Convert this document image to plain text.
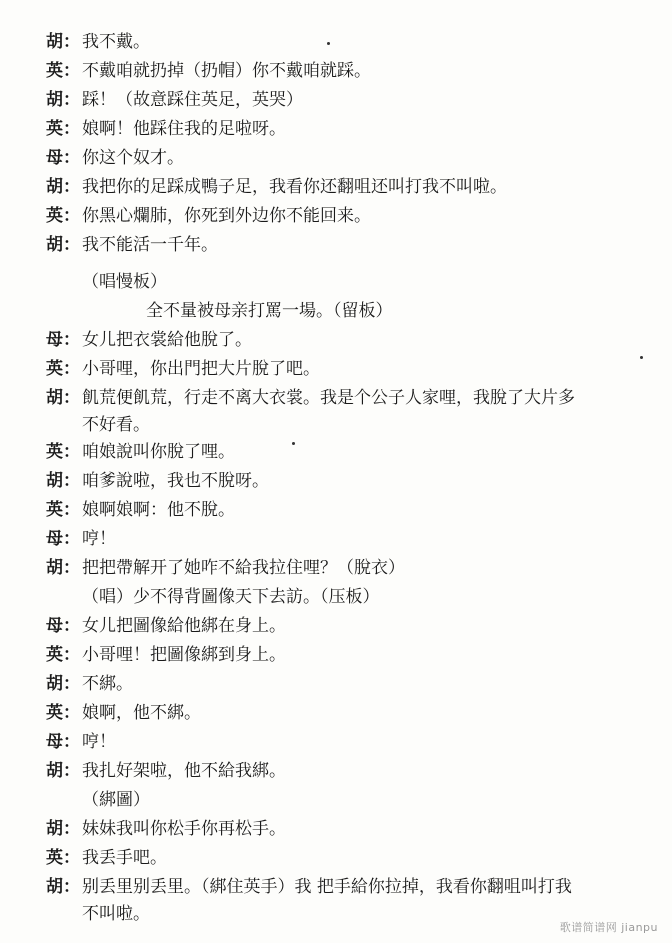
胡： 我不戴。
英： 不戴咱就扔掉（扔帽）你不戴咱就踩。
胡： 踩！（故意踩住英足，英哭）
英： 娘啊！他踩住我的足啦呀。
母： 你这个奴才。
胡： 我把你的足踩成鴨子足，我看你还翻咀还叫打我不叫啦。
英： 你黑心爛肺，你死到外边你不能回来。
胡： 我不能活一千年。
（唱慢板）
全不量被母亲打罵一場。（留板）
母： 女儿把衣裳給他脫了。
英： 小哥哩，你出門把大片脫了吧。
胡： 飢荒便飢荒，行走不离大衣裳。我是个公子人家哩，我脫了大片多
不好看。
英： 咱娘說叫你脫了哩。
胡： 咱爹說啦，我也不脫呀。
英： 娘啊娘啊：他不脫。
母： 哼！
胡： 把把帶解开了她咋不給我拉住哩？（脫衣）
（唱）少不得背圖像天下去訪。（压板）
母： 女儿把圖像給他綁在身上。
英： 小哥哩！把圖像綁到身上。
胡： 不綁。
英： 娘啊，他不綁。
母： 哼！
胡： 我扎好架啦，他不給我綁。
（綁圖）
胡： 妹妹我叫你松手你再松手。
英： 我丢手吧。
胡： 别丢里别丢里。（綁住英手）我 把手給你拉掉，我看你翻咀叫打我
不叫啦。
歌谱简谱网 jianpu
